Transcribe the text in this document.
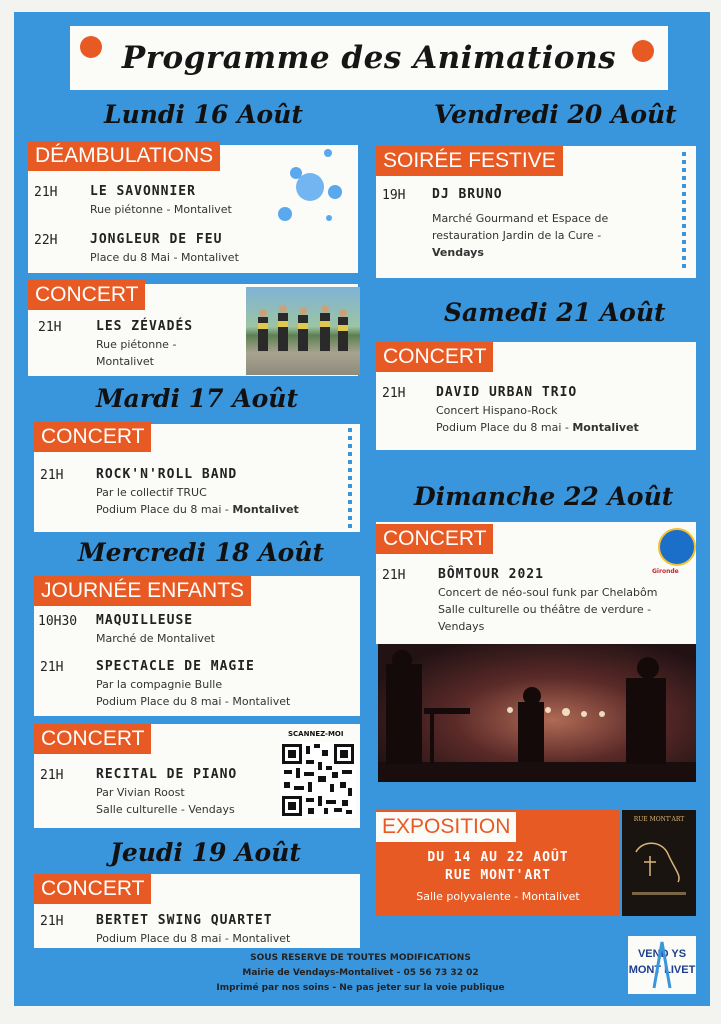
Programme des Animations
Lundi 16 Août
DÉAMBULATIONS
21H	LE SAVONNIER
Rue piétonne - Montalivet
22H	JONGLEUR DE FEU
Place du 8 Mai - Montalivet
CONCERT
21H	LES ZÉVADÉS
Rue piétonne -
Montalivet
Mardi 17 Août
CONCERT
21H	ROCK'N'ROLL BAND
Par le collectif TRUC
Podium Place du 8 mai - Montalivet
Mercredi 18 Août
JOURNÉE ENFANTS
10H30 MAQUILLEUSE
Marché de Montalivet
21H	SPECTACLE DE MAGIE
Par la compagnie Bulle
Podium Place du 8 mai - Montalivet
CONCERT
21H	RECITAL DE PIANO
Par Vivian Roost
Salle culturelle - Vendays
SCANNEZ-MOI
Jeudi 19 Août
CONCERT
21H	BERTET SWING QUARTET
Podium Place du 8 mai - Montalivet
Vendredi 20 Août
SOIRÉE FESTIVE
19H DJ BRUNO
Marché Gourmand et Espace de
restauration Jardin de la Cure -
Vendays
Samedi 21 Août
CONCERT
21H DAVID URBAN TRIO
Concert Hispano-Rock
Podium Place du 8 mai - Montalivet
Dimanche 22 Août
CONCERT
21H	BÔMTOUR 2021
Concert de néo-soul funk par Chelabôm
Salle culturelle ou théâtre de verdure -
Vendays
Gironde
EXPOSITION
DU 14 AU 22 AOÛT
RUE MONT'ART
Salle polyvalente - Montalivet
RUE MONT'ART
SOUS RESERVE DE TOUTES MODIFICATIONS
Mairie de Vendays-Montalivet - 05 56 73 32 02
Imprimé par nos soins - Ne pas jeter sur la voie publique
VEND YS
MONT LIVET
